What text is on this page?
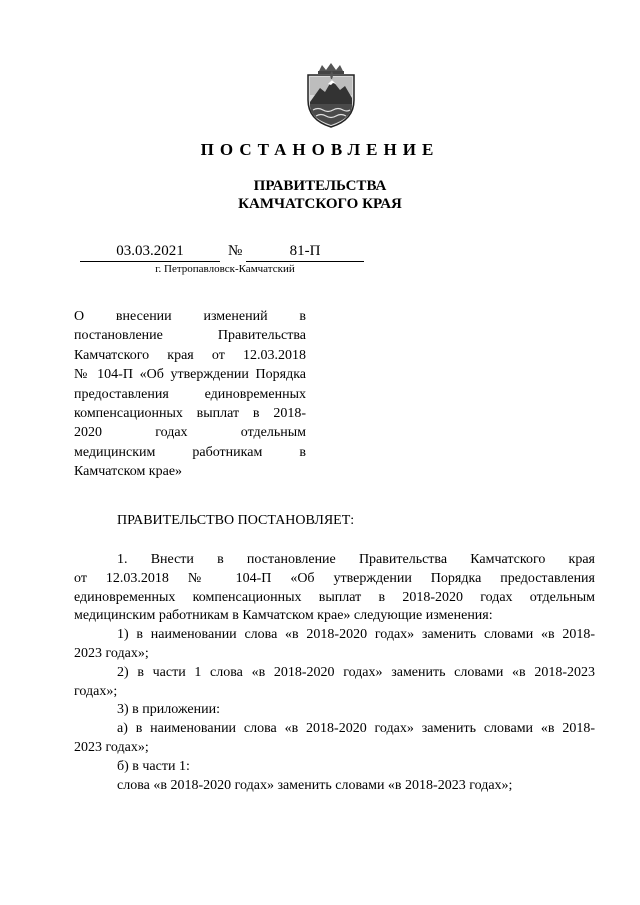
ПОСТАНОВЛЕНИЕ
ПРАВИТЕЛЬСТВА
КАМЧАТСКОГО КРАЯ
03.03.2021	№	81-П
г. Петропавловск-Камчатский
О внесении изменений в
постановление Правительства
Камчатского края от 12.03.2018
№ 104-П «Об утверждении Порядка
предоставления единовременных
компенсационных выплат в 2018-
2020 годах отдельным
медицинским работникам в
Камчатском крае»
ПРАВИТЕЛЬСТВО ПОСТАНОВЛЯЕТ:
1. Внести в постановление Правительства Камчатского края
от 12.03.2018 № 104-П «Об утверждении Порядка предоставления
единовременных компенсационных выплат в 2018-2020 годах отдельным
медицинским работникам в Камчатском крае» следующие изменения:
1) в наименовании слова «в 2018-2020 годах» заменить словами «в 2018-
2023 годах»;
2) в части 1 слова «в 2018-2020 годах» заменить словами «в 2018-2023
годах»;
3) в приложении:
а) в наименовании слова «в 2018-2020 годах» заменить словами «в 2018-
2023 годах»;
б) в части 1:
слова «в 2018-2020 годах» заменить словами «в 2018-2023 годах»;
